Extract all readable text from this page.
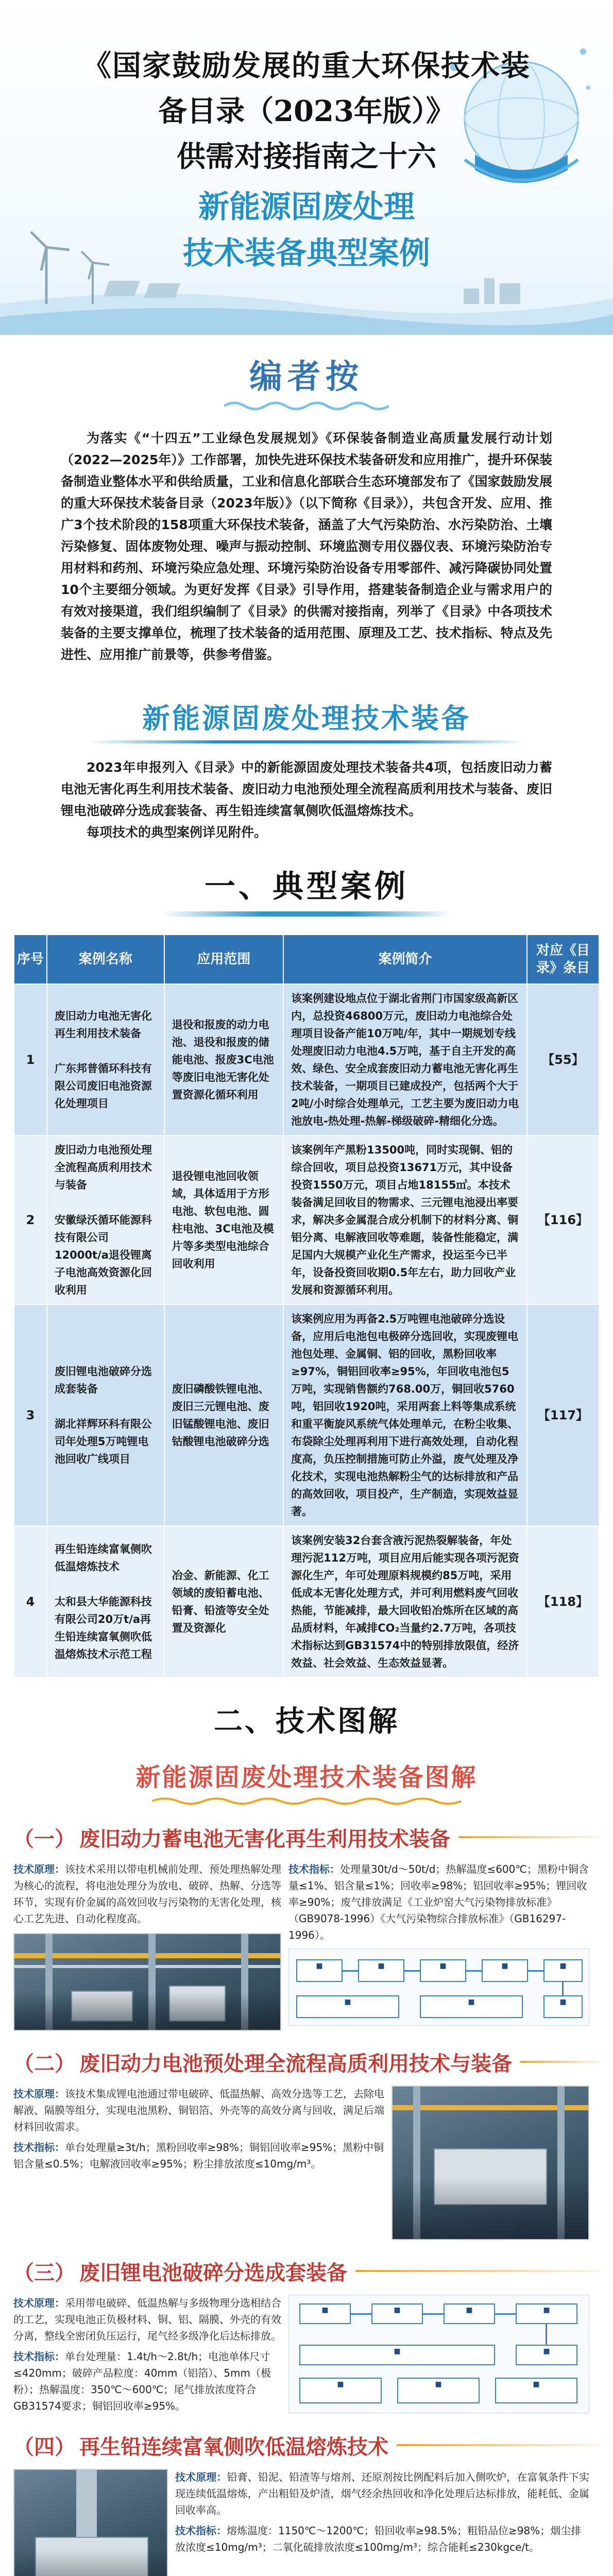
《国家鼓励发展的重大环保技术装
备目录（2023年版）》
供需对接指南之十六
新能源固废处理
技术装备典型案例
编者按

为落实《“十四五”工业绿色发展规划》《环保装备制造业高质量发展行动计划（2022—2025年）》工作部署，加快先进环保技术装备研发和应用推广，提升环保装备制造业整体水平和供给质量，工业和信息化部联合生态环境部发布了《国家鼓励发展的重大环保技术装备目录（2023年版）》（以下简称《目录》），共包含开发、应用、推广3个技术阶段的158项重大环保技术装备，涵盖了大气污染防治、水污染防治、土壤污染修复、固体废物处理、噪声与振动控制、环境监测专用仪器仪表、环境污染防治专用材料和药剂、环境污染应急处理、环境污染防治设备专用零部件、减污降碳协同处置10个主要细分领域。为更好发挥《目录》引导作用，搭建装备制造企业与需求用户的有效对接渠道，我们组织编制了《目录》的供需对接指南，列举了《目录》中各项技术装备的主要支撑单位，梳理了技术装备的适用范围、原理及工艺、技术指标、特点及先进性、应用推广前景等，供参考借鉴。

新能源固废处理技术装备

2023年申报列入《目录》中的新能源固废处理技术装备共4项，包括废旧动力蓄电池无害化再生利用技术装备、废旧动力电池预处理全流程高质利用技术与装备、废旧锂电池破碎分选成套装备、再生铅连续富氧侧吹低温熔炼技术。

每项技术的典型案例详见附件。

一、典型案例
序号	案例名称	应用范围	案例简介	对应《目录》条目
1	废旧动力电池无害化再生利用技术装备
广东邦普循环科技有限公司废旧电池资源化处理项目	退役和报废的动力电池、退役和报废的储能电池、报废3C电池等废旧电池无害化处置资源化循环利用	该案例建设地点位于湖北省荆门市国家级高新区内，总投资46800万元，废旧动力电池综合处理项目设备产能10万吨/年，其中一期规划专线处理废旧动力电池4.5万吨，基于自主开发的高效、绿色、安全成套废旧动力蓄电池无害化再生技术装备，一期项目已建成投产，包括两个大于2吨/小时综合处理单元，工艺主要为废旧动力电池放电-热处理-热解-梯级破碎-精细化分选。	【55】
2	废旧动力电池预处理全流程高质利用技术与装备
安徽绿沃循环能源科技有限公司12000t/a退役锂离子电池高效资源化回收利用	退役锂电池回收领域，具体适用于方形电池、软包电池、圆柱电池、3C电池及模片等多类型电池综合回收利用	该案例年产黑粉13500吨，同时实现铜、铝的综合回收，项目总投资13671万元，其中设备投资1550万元，项目占地18155㎡。本技术装备满足回收目的物需求、三元锂电池浸出率要求，解决多金属混合成分机制下的材料分离、铜铝分离、电解液回收等难题，装备性能稳定，满足国内大规模产业化生产需求，投运至今已半年，设备投资回收期0.5年左右，助力回收产业发展和资源循环利用。	【116】
3	废旧锂电池破碎分选成套装备
湖北祥辉环科有限公司年处理5万吨锂电池回收广线项目	废旧磷酸铁锂电池、废旧三元锂电池、废旧锰酸锂电池、废旧钴酸锂电池破碎分选	该案例应用为再备2.5万吨锂电池破碎分选设备，应用后电池包电极碎分选回收，实现废锂电池包处理、金属铜、铝的回收，黑粉回收率≥97%，铜铝回收率≥95%，年回收电池包5万吨，实现销售额约768.00万，铜回收5760吨，铝回收1920吨，采用两套上料等集成系统和重平衡旋风系统气体处理单元，在粉尘收集、布袋除尘处理再利用下进行高效处理，自动化程度高，负压控制措施可防止外溢，废气处理及净化技术，实现电池热解粉尘气的达标排放和产品的高效回收，项目投产，生产制造，实现效益显著。	【117】
4	再生铅连续富氧侧吹低温熔炼技术
太和县大华能源科技有限公司20万t/a再生铅连续富氧侧吹低温熔炼技术示范工程	冶金、新能源、化工领域的废铅蓄电池、铅膏、铅渣等安全处置及资源化	该案例安装32台套含液污泥热裂解装备，年处理污泥112万吨，项目应用后能实现各项污泥资源化生产，年可处理原料规模约85万吨，采用低成本无害化处理方式，并可利用燃料废气回收热能，节能减排，最大回收铅冶炼所在区域的高品质材料，年减排CO₂当量约2.7万吨，各项技术指标达到GB31574中的特别排放限值，经济效益、社会效益、生态效益显著。	【118】
二、技术图解
新能源固废处理技术装备图解
（一） 废旧动力蓄电池无害化再生利用技术装备
技术原理：该技术采用以带电机械前处理、预处理热解处理为核心的流程，将电池处理分为放电、破碎、热解、分选等环节，实现有价金属的高效回收与污染物的无害化处理，核心工艺先进、自动化程度高。
技术指标：处理量30t/d～50t/d；热解温度≤600℃；黑粉中铜含量≤1%、铝含量≤1%；回收率≥98%；铝回收率≥95%；锂回收率≥90%；废气排放满足《工业炉窑大气污染物排放标准》（GB9078-1996）《大气污染物综合排放标准》（GB16297-1996）。
■	■	■	■	■
■
■
■
（二） 废旧动力电池预处理全流程高质利用技术与装备
技术原理：该技术集成锂电池通过带电破碎、低温热解、高效分选等工艺，去除电解液、隔膜等组分，实现电池黑粉、铜铝箔、外壳等的高效分离与回收，满足后端材料回收需求。
技术指标：单台处理量≥3t/h；黑粉回收率≥98%；铜铝回收率≥95%；黑粉中铜铝含量≤0.5%；电解液回收率≥95%；粉尘排放浓度≤10mg/m³。
（三） 废旧锂电池破碎分选成套装备
技术原理：采用带电破碎、低温热解与多级物理分选相结合的工艺，实现电池正负极材料、铜、铝、隔膜、外壳的有效分离，整线全密闭负压运行，尾气经多级净化后达标排放。
技术指标：单台处理量：1.4t/h～2.8t/h；电池单体尺寸≤420mm；破碎产品粒度：40mm（铝箔）、5mm（极粉）；热解温度：350℃～600℃；尾气排放浓度符合GB31574要求；铜铝回收率≥95%。
■	■	■	■
■
■
■	■	■
（四） 再生铅连续富氧侧吹低温熔炼技术
技术原理：铅膏、铅泥、铅渣等与熔剂、还原剂按比例配料后加入侧吹炉，在富氧条件下实现连续低温熔炼，产出粗铅及炉渣，烟气经余热回收和净化处理后达标排放，能耗低、金属回收率高。
技术指标：熔炼温度：1150℃～1200℃；铅回收率≥98.5%；粗铅品位≥98%；烟尘排放浓度≤10mg/m³；二氧化硫排放浓度≤100mg/m³；综合能耗≤230kgce/t。
